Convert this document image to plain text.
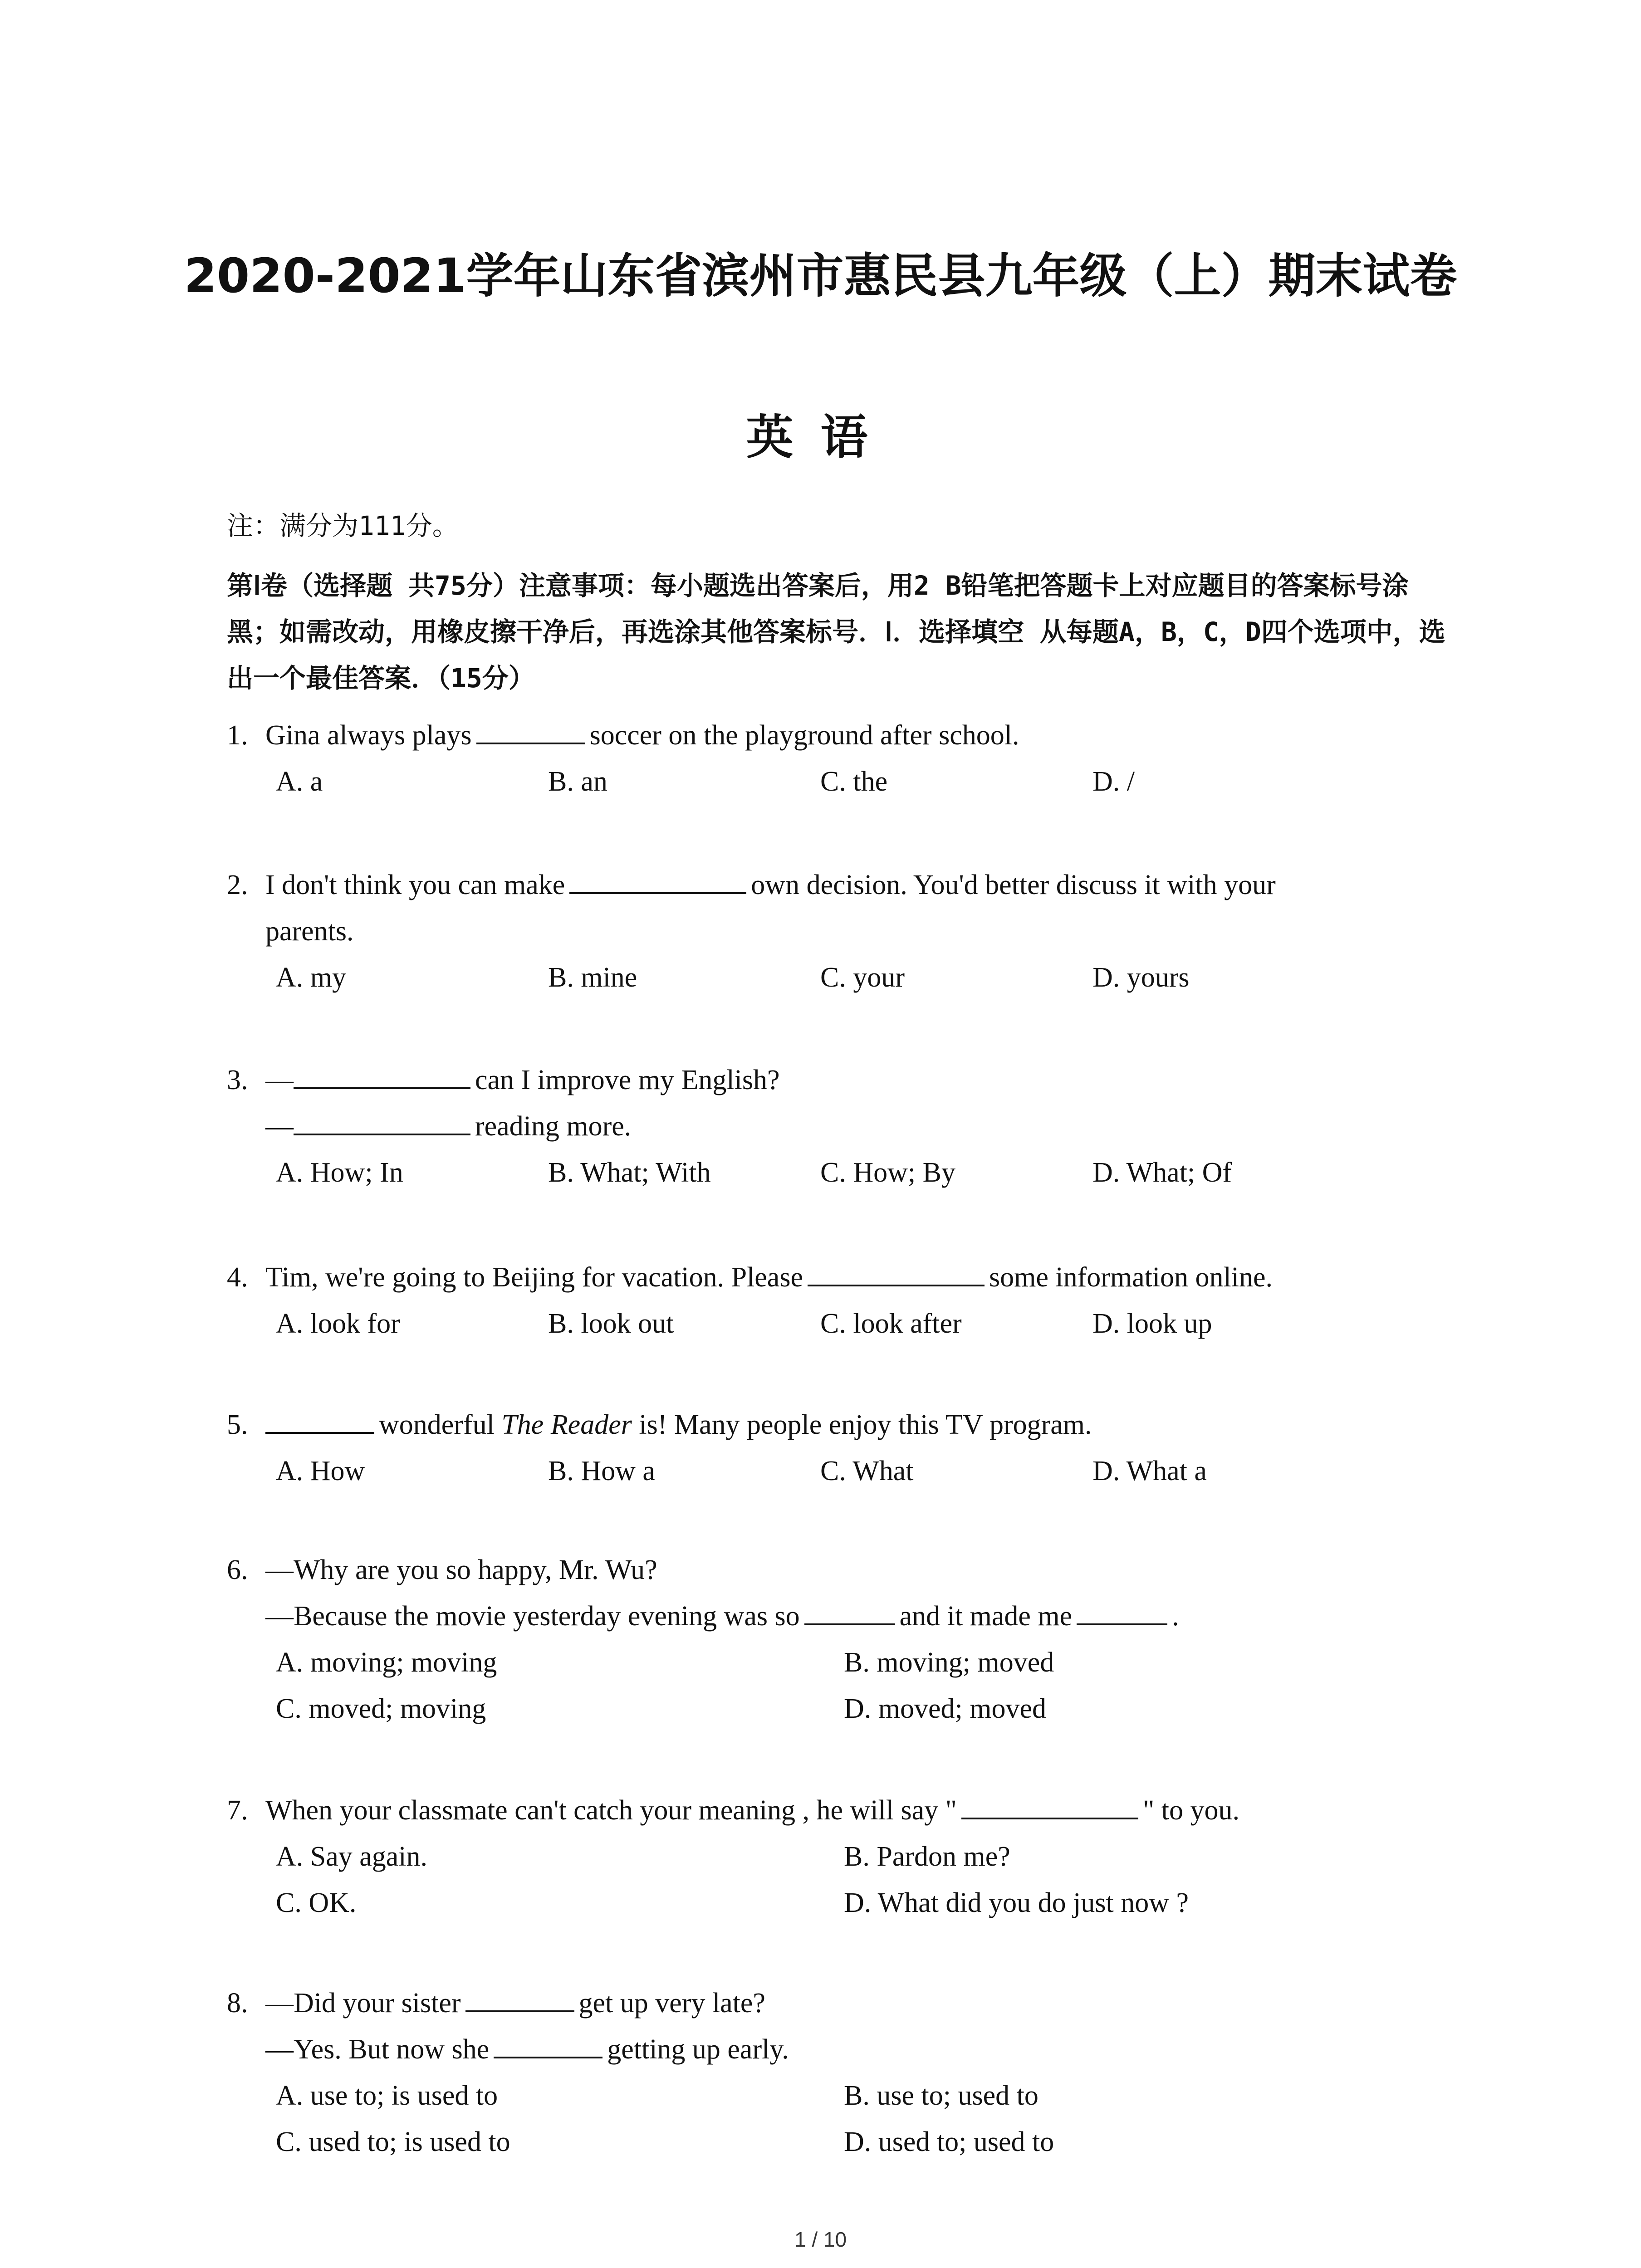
2020-2021学年山东省滨州市惠民县九年级（上）期末试卷
英语
注：满分为111分。
第Ⅰ卷（选择题 共75分）注意事项：每小题选出答案后，用2 B铅笔把答题卡上对应题目的答案标号涂黑；如需改动，用橡皮擦干净后，再选涂其他答案标号．Ⅰ．选择填空 从每题A，B，C，D四个选项中，选出一个最佳答案．（15分）
1. Gina always plays	soccer on the playground after school.
A. a	B. an	C. the	D. /
2. I don't think you can make	own decision. You'd better discuss it with your
parents.
A. my	B. mine	C. your	D. yours
3. —	can I improve my English?
—	reading more.
A. How; In	B. What; With	C. How; By	D. What; Of
4. Tim, we're going to Beijing for vacation. Please	some information online.
A. look for	B. look out	C. look after	D. look up
5.	wonderful The Reader is! Many people enjoy this TV program.
A. How	B. How a	C. What	D. What a
6. —Why are you so happy, Mr. Wu?
—Because the movie yesterday evening was so	and it made me	.
A. moving; moving	B. moving; moved
C. moved; moving	D. moved; moved
7. When your classmate can't catch your meaning , he will say "	" to you.
A. Say again.	B. Pardon me?
C. OK.	D. What did you do just now ?
8. —Did your sister	get up very late?
—Yes. But now she	getting up early.
A. use to; is used to	B. use to; used to
C. used to; is used to	D. used to; used to
1 / 10
